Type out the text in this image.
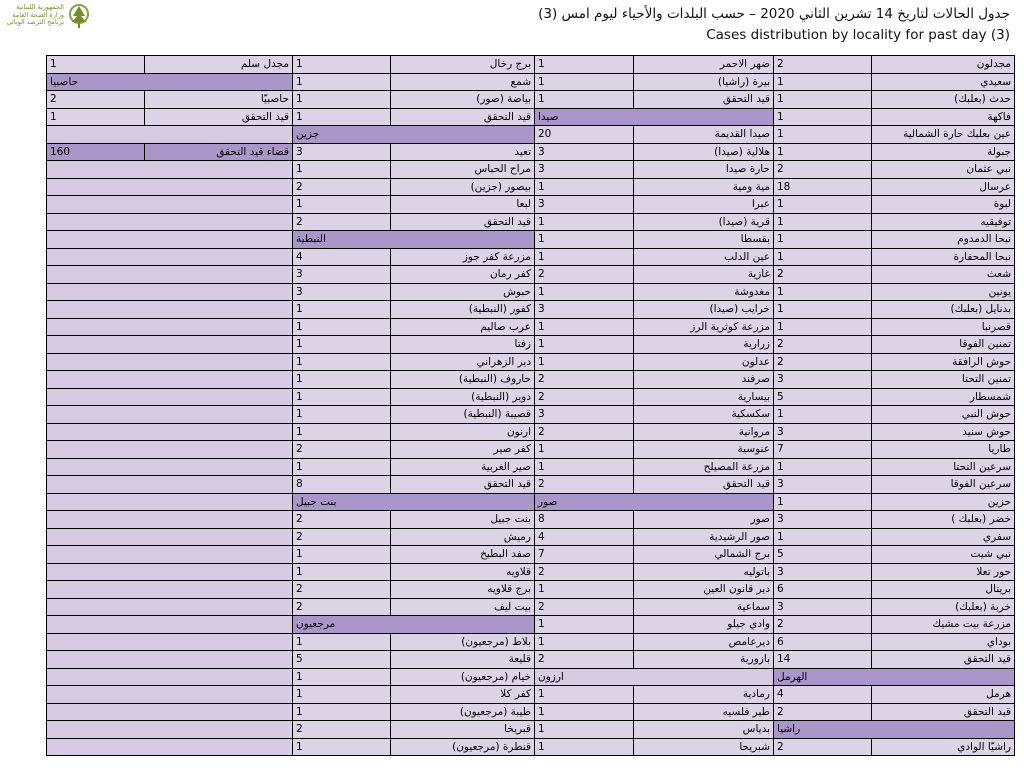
الجمهورية اللبنانية
وزارة الصحة العامة
برنامج الترصد الوبائي	جدول الحالات لتاريخ 14 تشرين الثاني 2020 – حسب البلدات والأحياء ليوم امس (3)
Cases distribution by locality for past day (3)
1	مجدل سلم	1	برج رخال	1	ضهر الاحمر	2	مجدلون
حاصبيا		1	شمع	1	بيرة (راشيا)	1	سعيدي
2	حاصبيّا	1	بياضة (صور)	1	قيد التحقق	1	حدث (بعلبك)
1	قيد التحقق	1	قيد التحقق	صيدا		1	فاكهة
		جزين		20	صيدا القديمة	1	عين بعلبك حارة الشمالية
160	قضاء قيد التحقق	3	تعيد	3	هلالية (صيدا)	1	جبولة
		1	مراح الحباس	3	حارة صيدا	2	نبي عثمان
		2	بيصور (جزين)	1	مية ومية	18	عرسال
		1	لبعا	3	عبرا	1	لبوة
		2	قيد التحقق	1	قرية (صيدا)	1	توفيقيه
		النبطية		1	بقسطا	1	نبحا الدمدوم
		4	مزرعة كفر جوز	1	عين الدلب	1	نبحا المحفارة
		3	كفر رمان	2	غازية	2	شعث
		3	حبوش	1	مغدوشة	1	يونين
		1	كفور (النبطية)	3	خرايب (صيدا)	1	بدنايل (بعلبك)
		1	عرب صاليم	1	مزرعة كوثرية الرز	1	قصرنبا
		1	زفتا	1	زرارية	2	تمنين الفوقا
		1	دير الزهراني	1	عدلون	2	حوش الرافقة
		1	حاروف (النبطية)	2	صرفند	3	تمنين التحتا
		1	دوير (النبطية)	2	بيسارية	5	شمسطار
		1	قصيبة (النبطية)	3	سكسكية	1	حوش النبي
		1	ارنون	2	مروانية	3	حوش سنيد
		2	كفر صير	1	عنوسية	7	طاريا
		1	صير الغربية	1	مزرعة المصيلح	1	سرعين التحتا
		8	قيد التحقق	2	قيد التحقق	3	سرعين الفوقا
		بنت جبيل		صور		1	حزين
		2	بنت جبيل	8	صور	3	خضر (بعلبك )
		2	رميش	4	صور الرشيدية	1	سفري
		1	صفد البطيخ	7	برج الشمالي	5	نبي شيت
		1	قلاويه	2	باتوليه	3	حور تعلا
		2	برج قلاويه	1	دير قانون العين	6	بريتال
		2	بيت ليف	2	سماعية	3	خربة (بعلبك)
		مرجعيون		1	وادي جيلو	2	مزرعة بيت مشيك
		1	بلاط (مرجعيون)	1	ديرعامص	6	بوداي
		5	قليعة	2	بازورية	14	قيد التحقق
		1	خيام (مرجعيون)	ارزون		الهرمل	
		1	كفر كلا	1	رمادية	4	هرمل
		1	طيبة (مرجعيون)	1	طير فلسيه	2	قيد التحقق
		2	قبريخا	1	بدياس	راشيا	
		1	قنطرة (مرجعيون)	1	شبريحا	2	راشيّا الوادي
